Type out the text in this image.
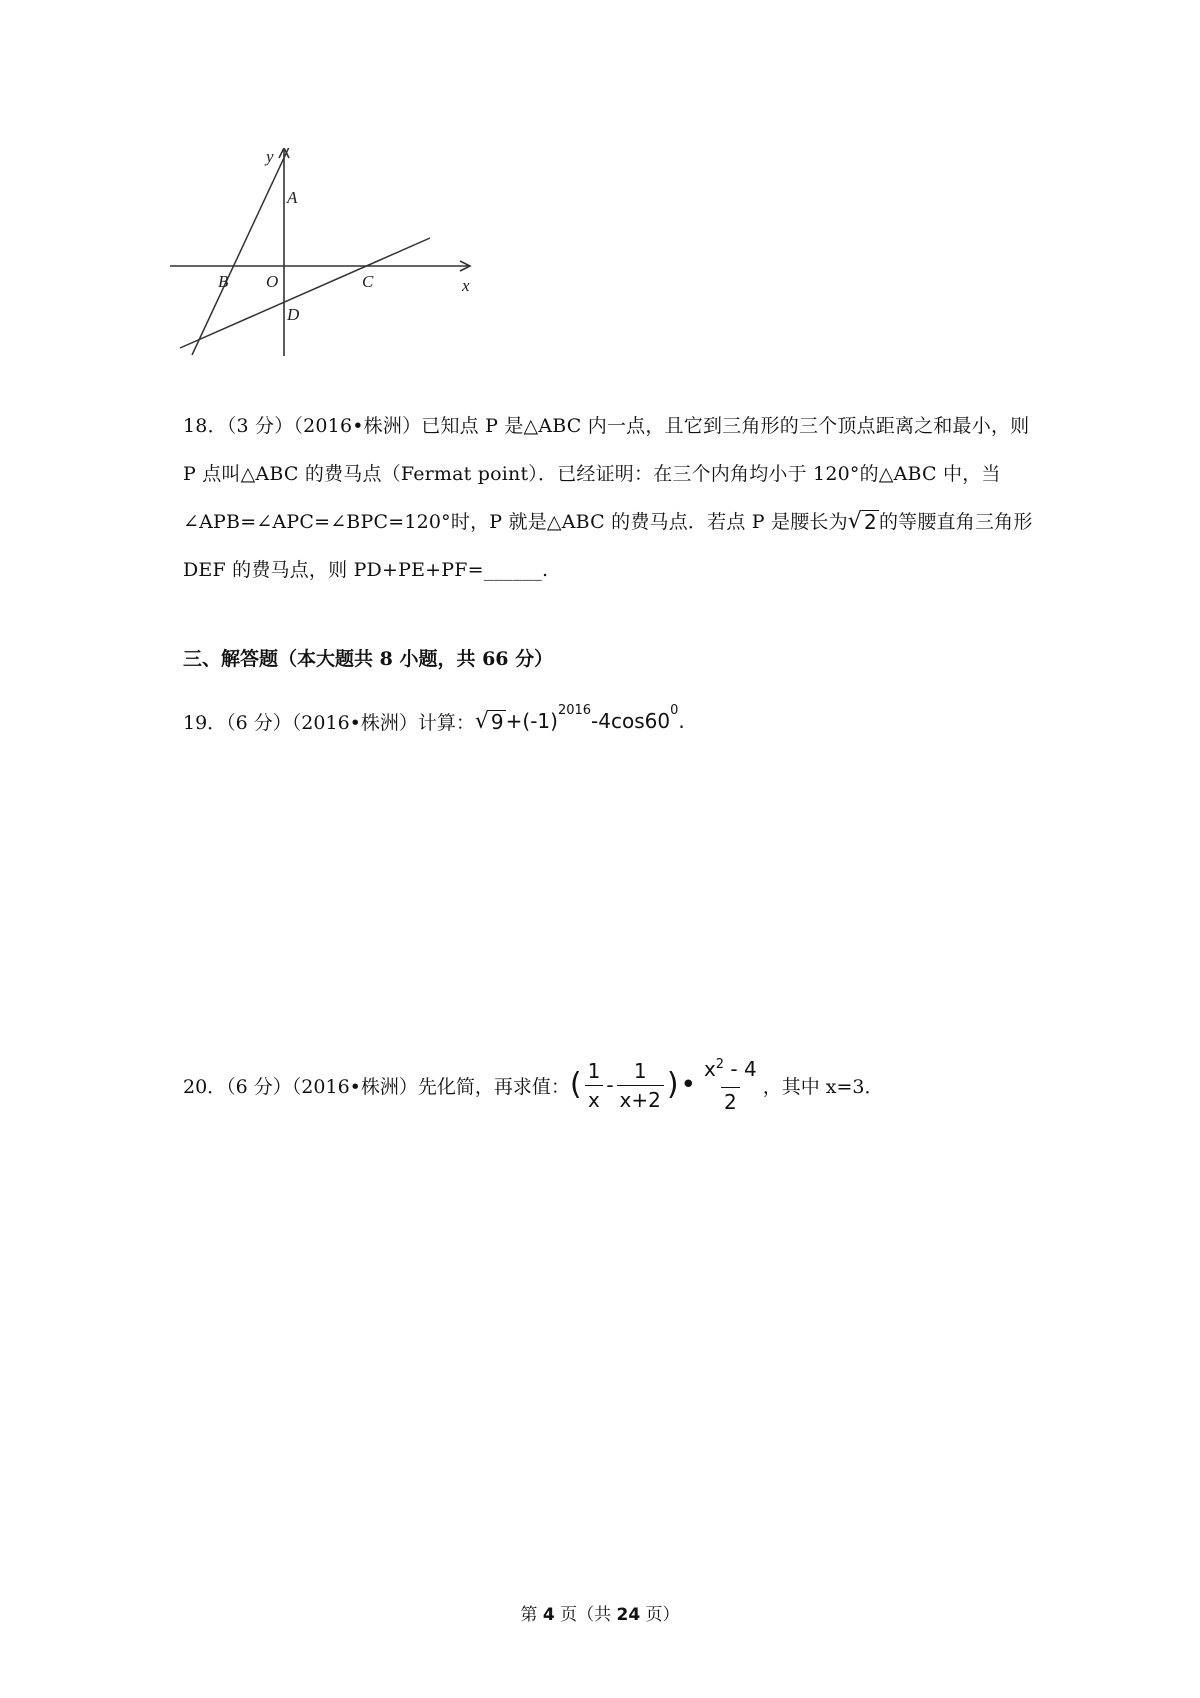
y
x
A
B O	C
D
18．（3 分）（2016•株洲）已知点 P 是△ABC 内一点，且它到三角形的三个顶点距离之和最小，则 P 点叫△ABC 的费马点（Fermat point）．已经证明：在三个内角均小于 120°的△ABC 中，当∠APB=∠APC=∠BPC=120°时，P 就是△ABC 的费马点．若点 P 是腰长为 √ 2 的等腰直角三角形 DEF 的费马点，则 PD+PE+PF=______.
三、解答题（本大题共 8 小题，共 66 分）
19．（6 分）（2016•株洲）计算： √ 9 +(-1) 2016 -4cos60 0 .
20．（6 分）（2016•株洲）先化简，再求值： ( $\frac{1}{x} - \frac{1}{x+2}$ ) • $\frac{x^2 - 4}{2}$ ，其中 x=3．
第 4 页（共 24 页）
